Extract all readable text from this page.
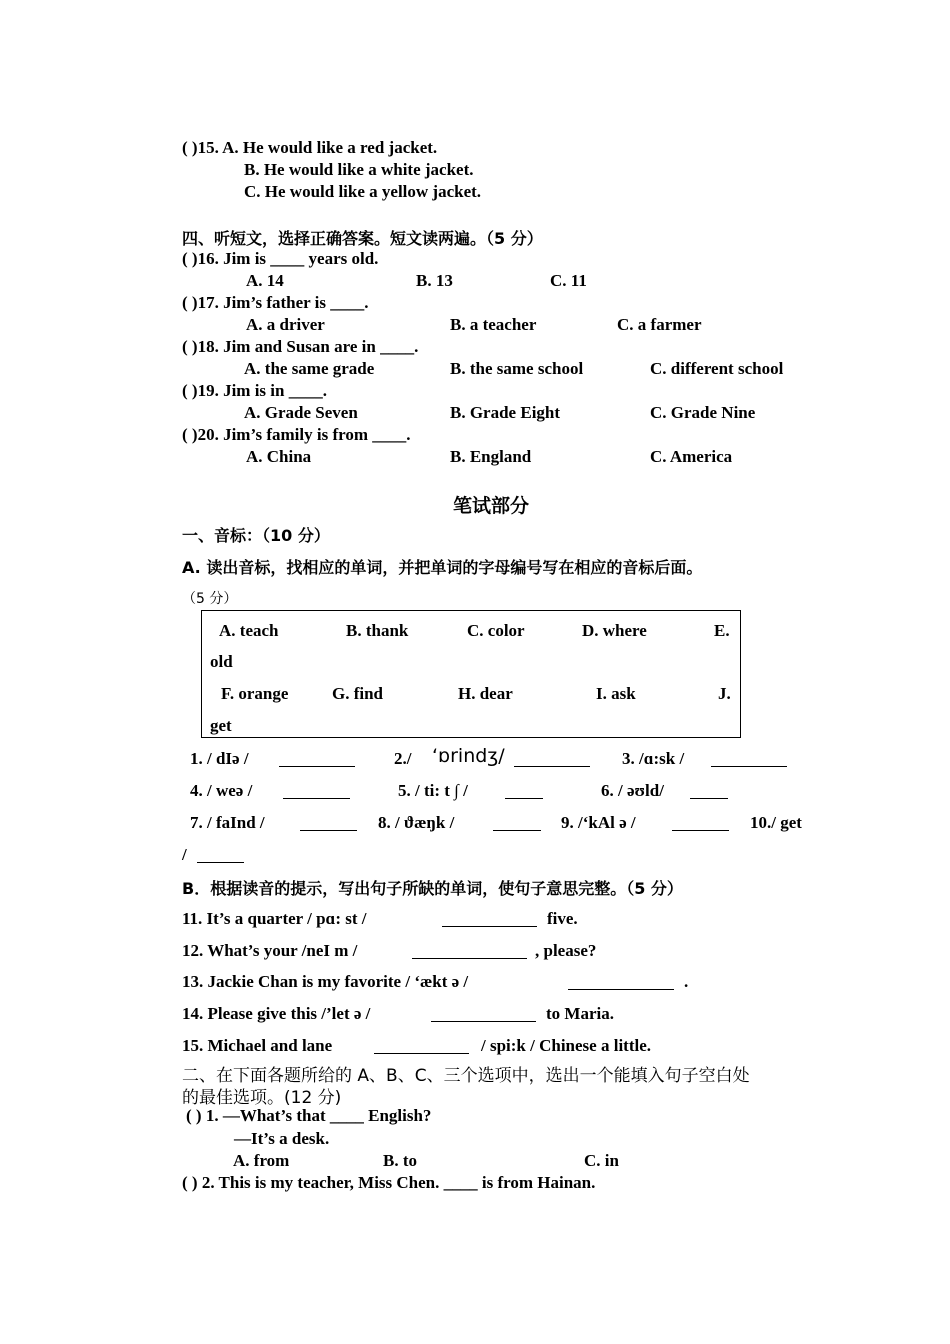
( )15. A. He would like a red jacket.
B. He would like a white jacket.
C. He would like a yellow jacket.
四、听短文，选择正确答案。短文读两遍。（5 分）
( )16. Jim is ____ years old.
A. 14	B. 13	C. 11
( )17. Jim’s father is ____.
A. a driver	B. a teacher	C. a farmer
( )18. Jim and Susan are in ____.
A. the same grade	B. the same school	C. different school
( )19. Jim is in ____.
A. Grade Seven	B. Grade Eight	C. Grade Nine
( )20. Jim’s family is from ____.
A. China	B. England	C. America
笔试部分
一、音标：（10 分）
A. 读出音标，找相应的单词，并把单词的字母编号写在相应的音标后面。
（5 分）
A. teach	B. thank	C. color	D. where	E.
old
F. orange	G. find	H. dear	I. ask	J.
get
1. / dIə /	2./ ‘ɒrindʒ/	3. /ɑ:sk /
4. / weə /	5. / ti: t ∫ /	6. / əʊld/
7. / faInd /	8. / ϑæŋk /	9. /‘kAl ə /	10./ get
/
B．根据读音的提示，写出句子所缺的单词，使句子意思完整。（5 分）
11. It’s a quarter / pɑ: st /	five.
12. What’s your /neI m /	, please?
13. Jackie Chan is my favorite / ‘ækt ə /	.
14. Please give this /’let ə /	to Maria.
15. Michael and lane	/ spi:k / Chinese a little.
二、在下面各题所给的 A、B、C、三个选项中，选出一个能填入句子空白处
的最佳选项。(12 分)
( ) 1. —What’s that ____ English?
—It’s a desk.
A. from	B. to	C. in
( ) 2. This is my teacher, Miss Chen. ____ is from Hainan.
